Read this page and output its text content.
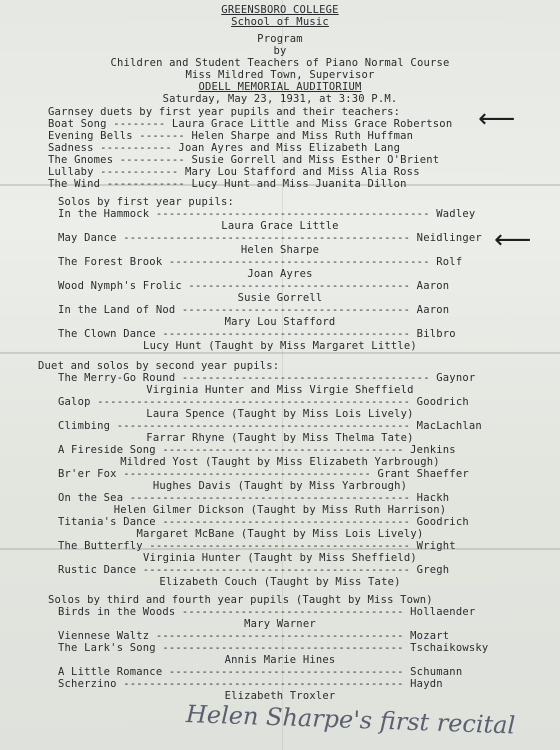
GREENSBORO COLLEGE
School of Music
Program
by
Children and Student Teachers of Piano Normal Course
Miss Mildred Town, Supervisor
ODELL MEMORIAL AUDITORIUM
Saturday, May 23, 1931, at 3:30 P.M.
Garnsey duets by first year pupils and their teachers:
Boat Song -------- Laura Grace Little and Miss Grace Robertson
Evening Bells ------- Helen Sharpe and Miss Ruth Huffman
Sadness ----------- Joan Ayres and Miss Elizabeth Lang
The Gnomes ---------- Susie Gorrell and Miss Esther O'Brient
Lullaby ------------ Mary Lou Stafford and Miss Alia Ross
The Wind ------------ Lucy Hunt and Miss Juanita Dillon
Solos by first year pupils:
In the Hammock ------------------------------------------ Wadley
Laura Grace Little
May Dance -------------------------------------------- Neidlinger
Helen Sharpe
The Forest Brook ---------------------------------------- Rolf
Joan Ayres
Wood Nymph's Frolic ---------------------------------- Aaron
Susie Gorrell
In the Land of Nod ----------------------------------- Aaron
Mary Lou Stafford
The Clown Dance -------------------------------------- Bilbro
Lucy Hunt (Taught by Miss Margaret Little)
Duet and solos by second year pupils:
The Merry-Go Round -------------------------------------- Gaynor
Virginia Hunter and Miss Virgie Sheffield
Galop ------------------------------------------------ Goodrich
Laura Spence (Taught by Miss Lois Lively)
Climbing --------------------------------------------- MacLachlan
Farrar Rhyne (Taught by Miss Thelma Tate)
A Fireside Song ------------------------------------- Jenkins
Mildred Yost (Taught by Miss Elizabeth Yarbrough)
Br'er Fox -------------------------------------- Grant Shaeffer
Hughes Davis (Taught by Miss Yarbrough)
On the Sea ------------------------------------------- Hackh
Helen Gilmer Dickson (Taught by Miss Ruth Harrison)
Titania's Dance -------------------------------------- Goodrich
Margaret McBane (Taught by Miss Lois Lively)
The Butterfly ---------------------------------------- Wright
Virginia Hunter (Taught by Miss Sheffield)
Rustic Dance ----------------------------------------- Gregh
Elizabeth Couch (Taught by Miss Tate)
Solos by third and fourth year pupils (Taught by Miss Town)
Birds in the Woods ---------------------------------- Hollaender
Mary Warner
Viennese Waltz -------------------------------------- Mozart
The Lark's Song ------------------------------------- Tschaikowsky
Annis Marie Hines
A Little Romance ------------------------------------ Schumann
Scherzino ------------------------------------------- Haydn
Elizabeth Troxler
⟵
⟵
Helen Sharpe's first recital
